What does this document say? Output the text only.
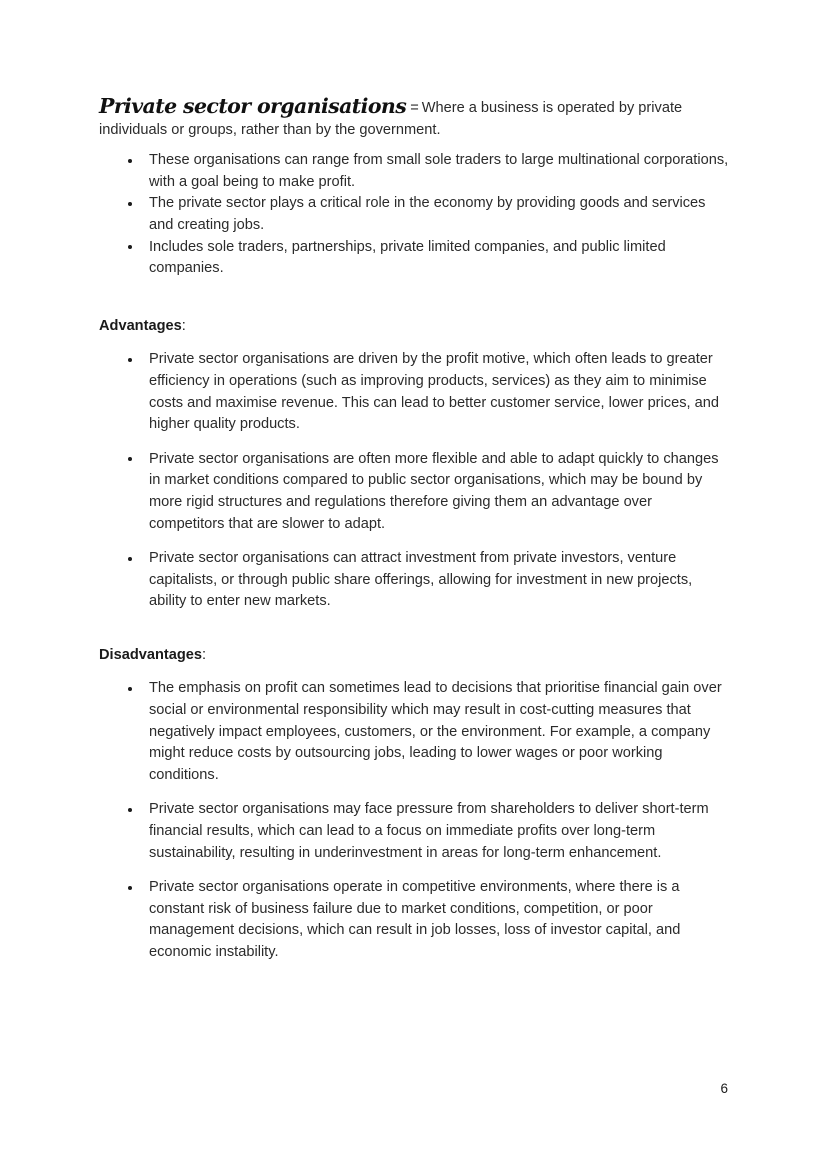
Private sector organisations = Where a business is operated by private individuals or groups, rather than by the government.

These organisations can range from small sole traders to large multinational corporations, with a goal being to make profit.
The private sector plays a critical role in the economy by providing goods and services and creating jobs.
Includes sole traders, partnerships, private limited companies, and public limited companies.

Advantages:

Private sector organisations are driven by the profit motive, which often leads to greater efficiency in operations (such as improving products, services) as they aim to minimise costs and maximise revenue. This can lead to better customer service, lower prices, and higher quality products.
Private sector organisations are often more flexible and able to adapt quickly to changes in market conditions compared to public sector organisations, which may be bound by more rigid structures and regulations therefore giving them an advantage over competitors that are slower to adapt.
Private sector organisations can attract investment from private investors, venture capitalists, or through public share offerings, allowing for investment in new projects, ability to enter new markets.

Disadvantages:

The emphasis on profit can sometimes lead to decisions that prioritise financial gain over social or environmental responsibility which may result in cost-cutting measures that negatively impact employees, customers, or the environment. For example, a company might reduce costs by outsourcing jobs, leading to lower wages or poor working conditions.
Private sector organisations may face pressure from shareholders to deliver short-term financial results, which can lead to a focus on immediate profits over long-term sustainability, resulting in underinvestment in areas for long-term enhancement.
Private sector organisations operate in competitive environments, where there is a constant risk of business failure due to market conditions, competition, or poor management decisions, which can result in job losses, loss of investor capital, and economic instability.
6
